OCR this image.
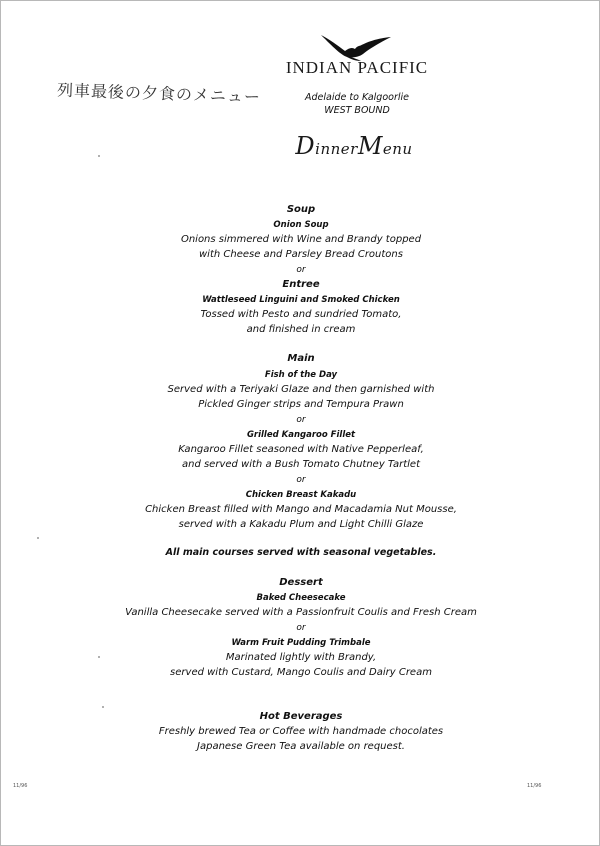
INDIAN PACIFIC
列車最後の夕食のメニュー	Adelaide to Kalgoorlie
WEST BOUND
DinnerMenu
Soup
Onion Soup
Onions simmered with Wine and Brandy topped
with Cheese and Parsley Bread Croutons
or
Entree
Wattleseed Linguini and Smoked Chicken
Tossed with Pesto and sundried Tomato,
and finished in cream
Main
Fish of the Day
Served with a Teriyaki Glaze and then garnished with
Pickled Ginger strips and Tempura Prawn
or
Grilled Kangaroo Fillet
Kangaroo Fillet seasoned with Native Pepperleaf,
and served with a Bush Tomato Chutney Tartlet
or
Chicken Breast Kakadu
Chicken Breast filled with Mango and Macadamia Nut Mousse,
served with a Kakadu Plum and Light Chilli Glaze
All main courses served with seasonal vegetables.
Dessert
Baked Cheesecake
Vanilla Cheesecake served with a Passionfruit Coulis and Fresh Cream
or
Warm Fruit Pudding Trimbale
Marinated lightly with Brandy,
served with Custard, Mango Coulis and Dairy Cream
Hot Beverages
Freshly brewed Tea or Coffee with handmade chocolates
Japanese Green Tea available on request.
11/96	11/96
